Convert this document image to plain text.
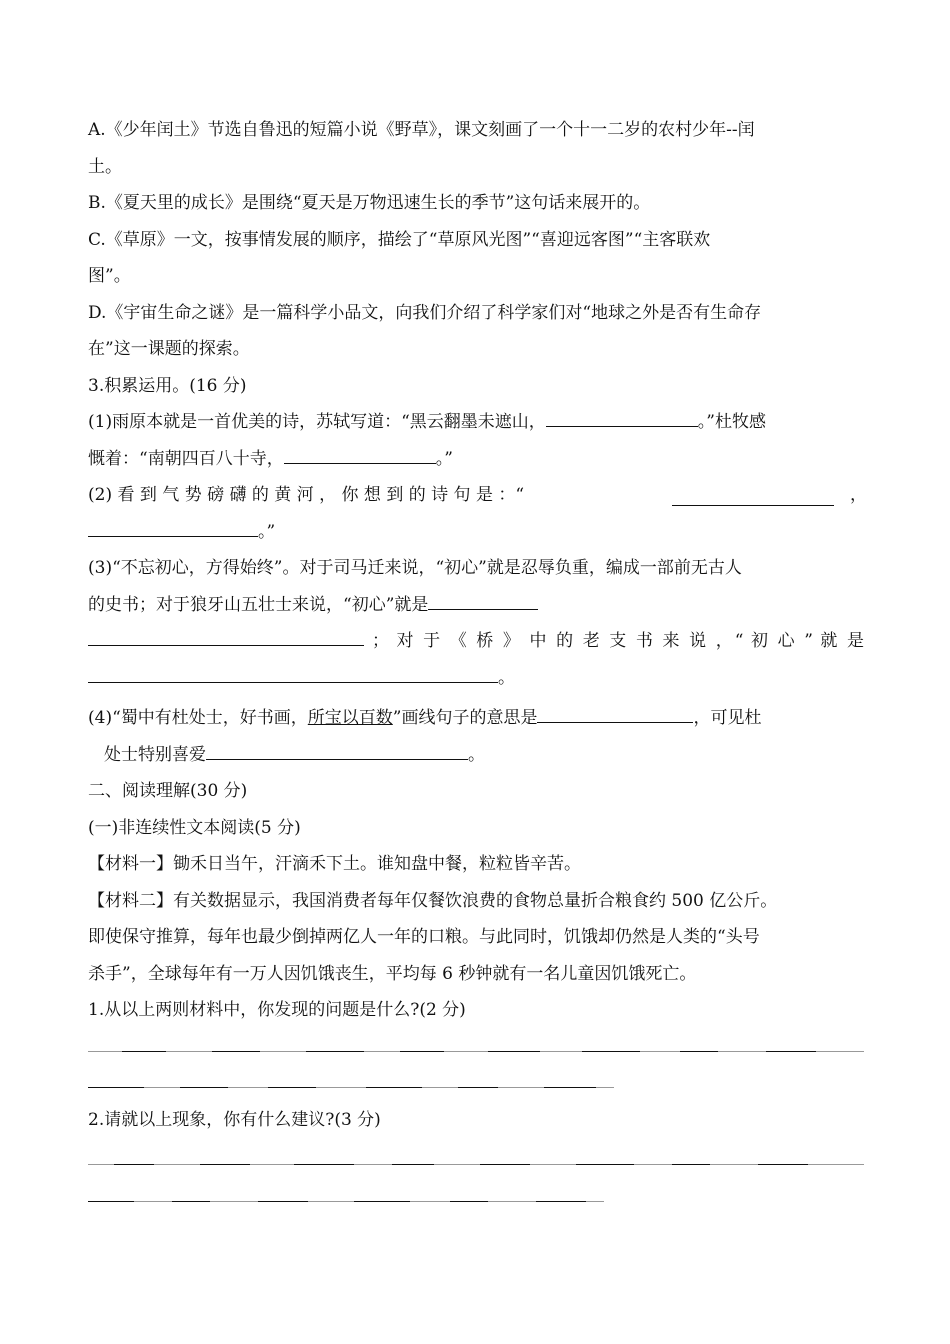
A.《少年闰土》节选自鲁迅的短篇小说《野草》，课文刻画了一个十一二岁的农村少年--闰
土。
B.《夏天里的成长》是围绕“夏天是万物迅速生长的季节”这句话来展开的。
C.《草原》一文，按事情发展的顺序，描绘了“草原风光图”“喜迎远客图”“主客联欢
图”。
D.《宇宙生命之谜》是一篇科学小品文，向我们介绍了科学家们对“地球之外是否有生命存
在”这一课题的探索。
3.积累运用。(16 分)
(1)雨原本就是一首优美的诗，苏轼写道：“黑云翻墨未遮山，	。”杜牧感
慨着：“南朝四百八十寺，	。”
(2) 看 到 气 势 磅 礴 的 黄 河 ， 你 想 到 的 诗 句 是 ：“	，
。”
(3)“不忘初心，方得始终”。对于司马迁来说，“初心”就是忍辱负重，编成一部前无古人
的史书；对于狼牙山五壮士来说，“初心”就是
； 对 于 《 桥 》 中 的 老 支 书 来 说 ，“ 初 心 ” 就 是
。
(4)“蜀中有杜处士，好书画，所宝以百数”画线句子的意思是	，可见杜
处士特别喜爱	。
二、阅读理解(30 分)
(一)非连续性文本阅读(5 分)
【材料一】锄禾日当午，汗滴禾下土。谁知盘中餐，粒粒皆辛苦。
【材料二】有关数据显示，我国消费者每年仅餐饮浪费的食物总量折合粮食约 500 亿公斤。
即使保守推算，每年也最少倒掉两亿人一年的口粮。与此同时，饥饿却仍然是人类的“头号
杀手”，全球每年有一万人因饥饿丧生，平均每 6 秒钟就有一名儿童因饥饿死亡。
1.从以上两则材料中，你发现的问题是什么?(2 分)
2.请就以上现象，你有什么建议?(3 分)
